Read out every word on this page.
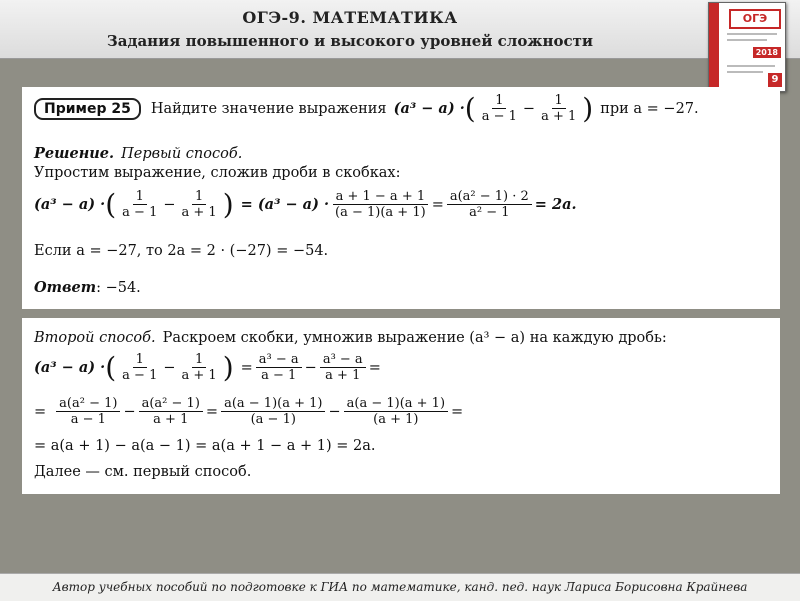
ОГЭ-9. МАТЕМАТИКА
Задания повышенного и высокого уровней сложности
ОГЭ
2018
9
Пример 25	Найдите значение выражения (a³ − a) · ( $\frac{1}{a - 1} - \frac{1}{a + 1}$ ) при a = −27.
Решение. Первый способ.
Упростим выражение, сложив дроби в скобках:
(a³ − a) · ( $\frac{1}{a - 1} - \frac{1}{a + 1}$ ) = $(a^3 - a) \cdot \frac{a + 1 - a + 1}{(a - 1)(a + 1)} = \frac{\text{a(a² − 1) · 2}}{\text{a² − 1}} = 2a$.
Если a = −27, то 2a = 2 · (−27) = −54.
Ответ : −54.
Второй способ. Раскроем скобки, умножив выражение (a³ − a) на каждую дробь:
(a³ − a) · ( $\frac{1}{a - 1} - \frac{1}{a + 1}$ ) = $\frac{\text{a³ − a}}{a - 1} - \frac{\text{a³ − a}}{a + 1}$ =
= $\frac{\text{a(a² − 1)}}{a - 1} - \frac{\text{a(a² − 1)}}{a + 1} = \frac{a(a - 1)(a + 1)}{(a - 1)} - \frac{a(a - 1)(a + 1)}{(a + 1)}$ =
= a(a + 1) − a(a − 1) = a(a + 1 − a + 1) = 2a.
Далее — см. первый способ.
Автор учебных пособий по подготовке к ГИА по математике, канд. пед. наук Лариса Борисовна Крайнева
